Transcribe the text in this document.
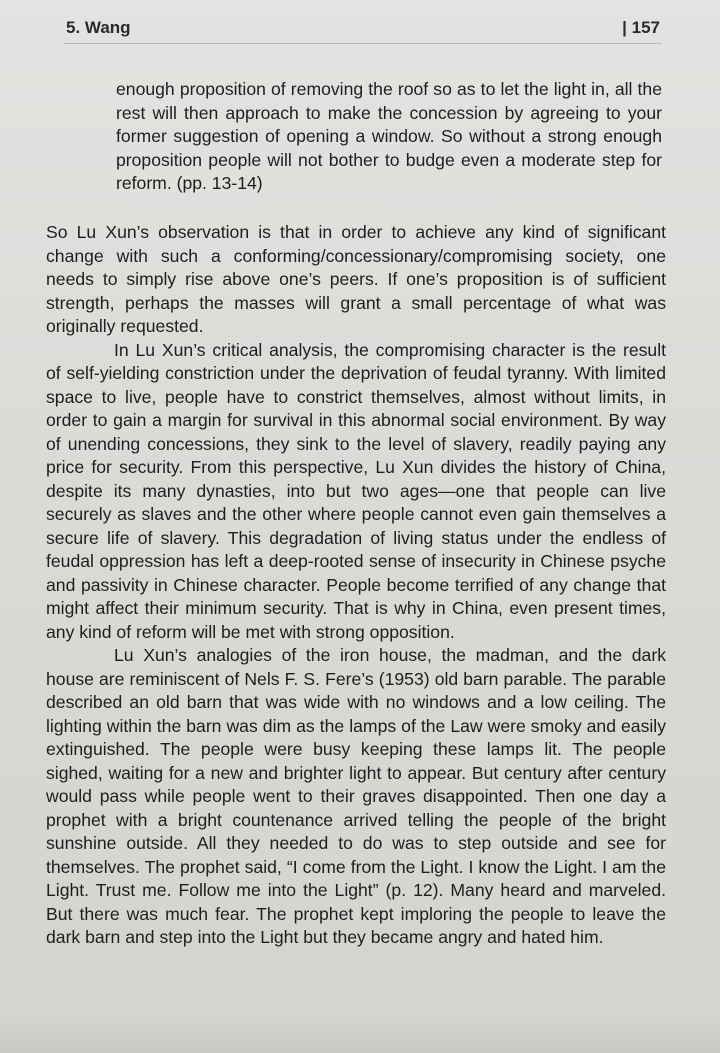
5. Wang	| 157
enough proposition of removing the roof so as to let the light in, all the rest will then approach to make the concession by agreeing to your former suggestion of opening a window. So without a strong enough proposition people will not bother to budge even a moderate step for reform. (pp. 13-14)

So Lu Xun’s observation is that in order to achieve any kind of significant change with such a conforming/concessionary/compromising society, one needs to simply rise above one’s peers. If one’s proposition is of sufficient strength, perhaps the masses will grant a small percentage of what was originally requested.

In Lu Xun’s critical analysis, the compromising character is the result of self-yielding constriction under the deprivation of feudal tyranny. With limited space to live, people have to constrict themselves, almost without limits, in order to gain a margin for survival in this abnormal social environment. By way of unending concessions, they sink to the level of slavery, readily paying any price for security. From this perspective, Lu Xun divides the history of China, despite its many dynasties, into but two ages—one that people can live securely as slaves and the other where people cannot even gain themselves a secure life of slavery. This degradation of living status under the endless of feudal oppression has left a deep-rooted sense of insecurity in Chinese psyche and passivity in Chinese character. People become terrified of any change that might affect their minimum security. That is why in China, even present times, any kind of reform will be met with strong opposition.

Lu Xun’s analogies of the iron house, the madman, and the dark house are reminiscent of Nels F. S. Fere’s (1953) old barn parable. The parable described an old barn that was wide with no windows and a low ceiling. The lighting within the barn was dim as the lamps of the Law were smoky and easily extinguished. The people were busy keeping these lamps lit. The people sighed, waiting for a new and brighter light to appear. But century after century would pass while people went to their graves disappointed. Then one day a prophet with a bright countenance arrived telling the people of the bright sunshine outside. All they needed to do was to step outside and see for themselves. The prophet said, “I come from the Light. I know the Light. I am the Light. Trust me. Follow me into the Light” (p. 12). Many heard and marveled. But there was much fear. The prophet kept imploring the people to leave the dark barn and step into the Light but they became angry and hated him.
